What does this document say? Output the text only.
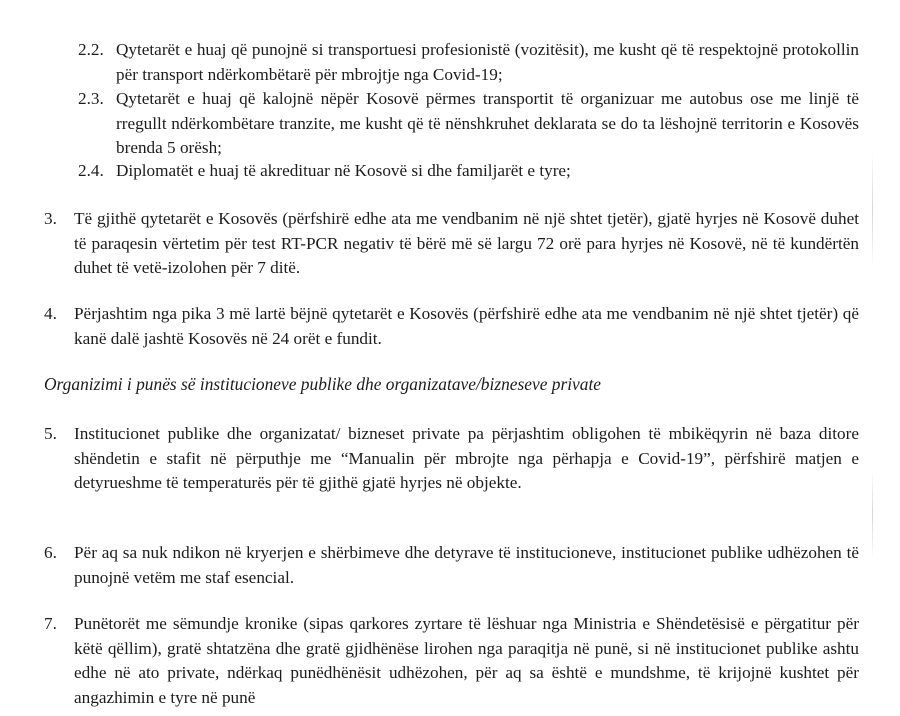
2.2. Qytetarët e huaj që punojnë si transportuesi profesionistë (vozitësit), me kusht që të respektojnë protokollin për transport ndërkombëtarë për mbrojtje nga Covid-19;
2.3. Qytetarët e huaj që kalojnë nëpër Kosovë përmes transportit të organizuar me autobus ose me linjë të rregullt ndërkombëtare tranzite, me kusht që të nënshkruhet deklarata se do ta lëshojnë territorin e Kosovës brenda 5 orësh;
2.4. Diplomatët e huaj të akredituar në Kosovë si dhe familjarët e tyre;
3. Të gjithë qytetarët e Kosovës (përfshirë edhe ata me vendbanim në një shtet tjetër), gjatë hyrjes në Kosovë duhet të paraqesin vërtetim për test RT-PCR negativ të bërë më së largu 72 orë para hyrjes në Kosovë, në të kundërtën duhet të vetë-izolohen për 7 ditë.
4. Përjashtim nga pika 3 më lartë bëjnë qytetarët e Kosovës (përfshirë edhe ata me vendbanim në një shtet tjetër) që kanë dalë jashtë Kosovës në 24 orët e fundit.
Organizimi i punës së institucioneve publike dhe organizatave/bizneseve private
5. Institucionet publike dhe organizatat/ bizneset private pa përjashtim obligohen të mbikëqyrin në baza ditore shëndetin e stafit në përputhje me “Manualin për mbrojte nga përhapja e Covid-19”, përfshirë matjen e detyrueshme të temperaturës për të gjithë gjatë hyrjes në objekte.
6. Për aq sa nuk ndikon në kryerjen e shërbimeve dhe detyrave të institucioneve, institucionet publike udhëzohen të punojnë vetëm me staf esencial.
7. Punëtorët me sëmundje kronike (sipas qarkores zyrtare të lëshuar nga Ministria e Shëndetësisë e përgatitur për këtë qëllim), gratë shtatzëna dhe gratë gjidhënëse lirohen nga paraqitja në punë, si në institucionet publike ashtu edhe në ato private, ndërkaq punëdhënësit udhëzohen, për aq sa është e mundshme, të krijojnë kushtet për angazhimin e tyre në punë
